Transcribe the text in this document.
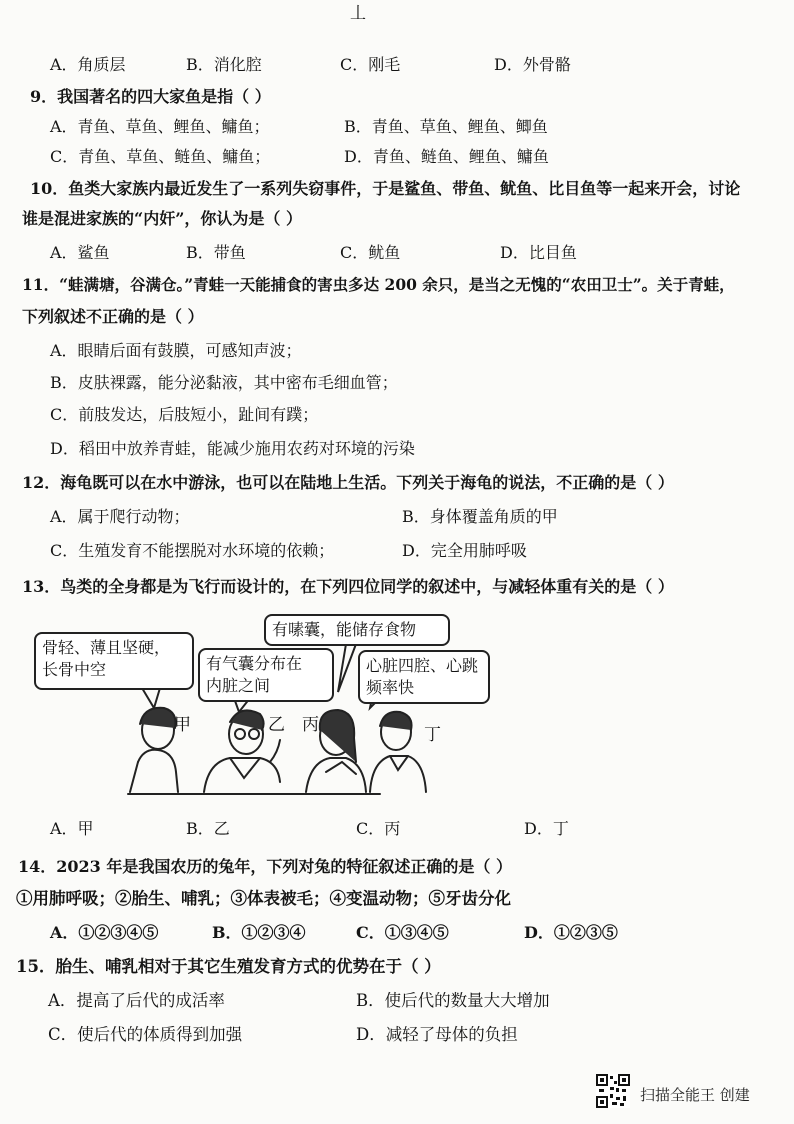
丄
A．角质层	B．消化腔	C．刚毛	D．外骨骼
9．我国著名的四大家鱼是指（ ）
A．青鱼、草鱼、鲤鱼、鳙鱼；	B．青鱼、草鱼、鲤鱼、鲫鱼
C．青鱼、草鱼、鲢鱼、鳙鱼；	D．青鱼、鲢鱼、鲤鱼、鳙鱼
10．鱼类大家族内最近发生了一系列失窃事件，于是鲨鱼、带鱼、鱿鱼、比目鱼等一起来开会，讨论
谁是混进家族的“内奸”，你认为是（ ）
A．鲨鱼	B．带鱼	C．鱿鱼	D．比目鱼
11．“蛙满塘，谷满仓。”青蛙一天能捕食的害虫多达 200 余只，是当之无愧的“农田卫士”。关于青蛙，
下列叙述不正确的是（ ）
A．眼睛后面有鼓膜，可感知声波；
B．皮肤裸露，能分泌黏液，其中密布毛细血管；
C．前肢发达，后肢短小，趾间有蹼；
D．稻田中放养青蛙，能减少施用农药对环境的污染
12．海龟既可以在水中游泳，也可以在陆地上生活。下列关于海龟的说法，不正确的是（ ）
A．属于爬行动物；	B．身体覆盖角质的甲
C．生殖发育不能摆脱对水环境的依赖；	D．完全用肺呼吸
13．鸟类的全身都是为飞行而设计的，在下列四位同学的叙述中，与减轻体重有关的是（ ）
骨轻、薄且坚硬，
长骨中空	有气囊分布在
内脏之间
有嗉囊，能储存食物
心脏四腔、心跳
频率快
甲	乙 丙	丁
A．甲	B．乙	C．丙	D．丁
14．2023 年是我国农历的兔年，下列对兔的特征叙述正确的是（ ）
①用肺呼吸；②胎生、哺乳；③体表被毛；④变温动物；⑤牙齿分化
A．①②③④⑤	B．①②③④	C．①③④⑤	D．①②③⑤
15．胎生、哺乳相对于其它生殖发育方式的优势在于（ ）
A．提高了后代的成活率	B．使后代的数量大大增加
C．使后代的体质得到加强	D．减轻了母体的负担
扫描全能王 创建
